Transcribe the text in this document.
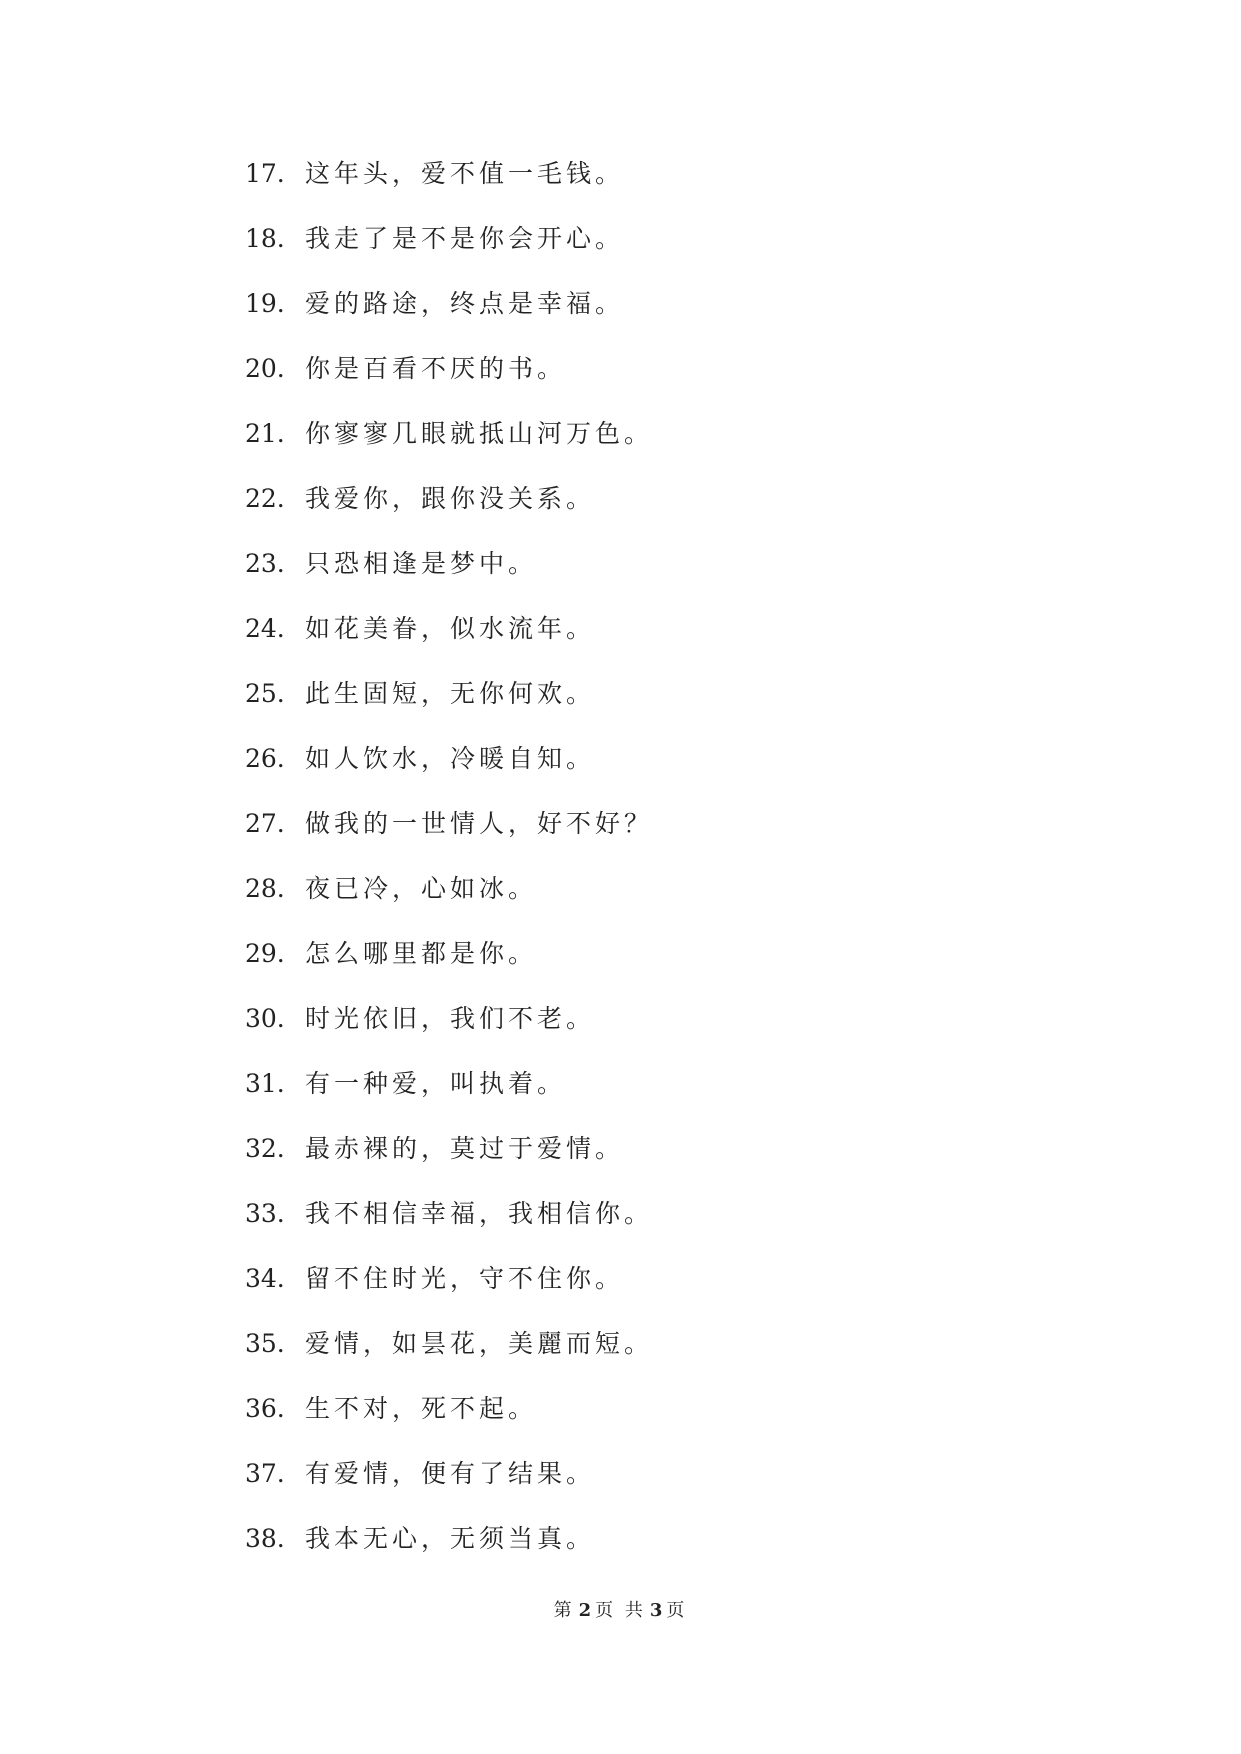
17. 这年头，爱不值一毛钱。
18. 我走了是不是你会开心。
19. 爱的路途，终点是幸福。
20. 你是百看不厌的书。
21. 你寥寥几眼就抵山河万色。
22. 我爱你，跟你没关系。
23. 只恐相逢是梦中。
24. 如花美眷，似水流年。
25. 此生固短，无你何欢。
26. 如人饮水，冷暖自知。
27. 做我的一世情人，好不好？
28. 夜已冷，心如冰。
29. 怎么哪里都是你。
30. 时光依旧，我们不老。
31. 有一种爱，叫执着。
32. 最赤裸的，莫过于爱情。
33. 我不相信幸福，我相信你。
34. 留不住时光，守不住你。
35. 爱情，如昙花，美麗而短。
36. 生不对，死不起。
37. 有爱情，便有了结果。
38. 我本无心，无须当真。
第 2 页 共 3 页
